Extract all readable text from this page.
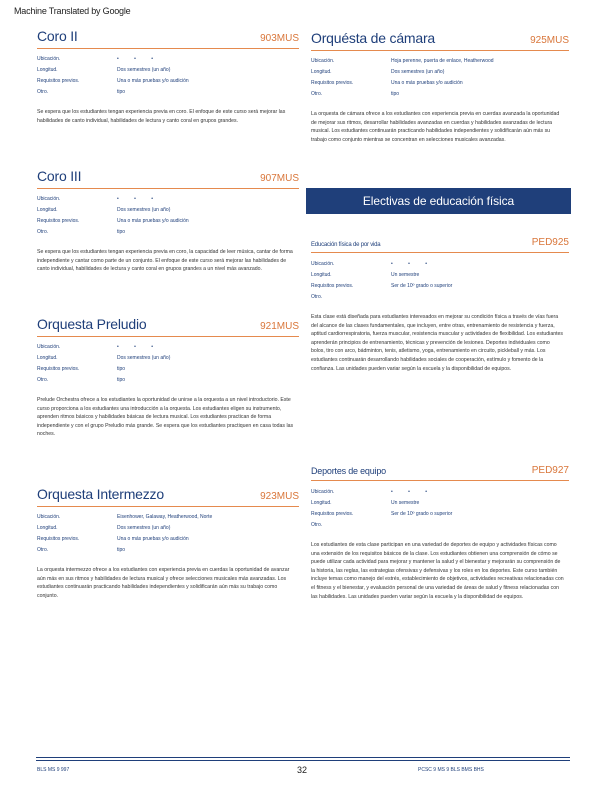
Machine Translated by Google
Coro II	903MUS
Ubicación.	• • •
Longitud.	Dos semestres (un año)
Requisitos previos.	Una o más pruebas y/o audición
Otro.	tipo
Se espera que los estudiantes tengan experiencia previa en coro. El enfoque de este curso será mejorar las habilidades de canto individual, habilidades de lectura y canto coral en grupos grandes.
Coro III	907MUS
Ubicación.	• • •
Longitud.	Dos semestres (un año)
Requisitos previos.	Una o más pruebas y/o audición
Otro.	tipo
Se espera que los estudiantes tengan experiencia previa en coro, la capacidad de leer música, cantar de forma independiente y cantar como parte de un conjunto. El enfoque de este curso será mejorar las habilidades de canto individual, habilidades de lectura y canto coral en grupos grandes a un nivel más avanzado.
Orquesta Preludio	921MUS
Ubicación.	• • •
Longitud.	Dos semestres (un año)
Requisitos previos.	tipo
Otro.	tipo
Prelude Orchestra ofrece a los estudiantes la oportunidad de unirse a la orquesta a un nivel introductorio. Este curso proporciona a los estudiantes una introducción a la orquesta. Los estudiantes eligen su instrumento, aprenden ritmos básicos y habilidades básicas de lectura musical. Los estudiantes practican de forma independiente y con el grupo Preludio más grande. Se espera que los estudiantes practiquen en casa todas las noches.
Orquesta Intermezzo	923MUS
Ubicación.	Eisenhower, Galaway, Heatherwood, Norte
Longitud.	Dos semestres (un año)
Requisitos previos.	Una o más pruebas y/o audición
Otro.	tipo
La orquesta intermezzo ofrece a los estudiantes con experiencia previa en cuerdas la oportunidad de avanzar aún más en sus ritmos y habilidades de lectura musical y ofrece selecciones musicales más avanzadas. Los estudiantes continuarán practicando habilidades independientes y solidificarán aún más su trabajo como conjunto.
Orquésta de cámara	925MUS
Ubicación.	Hoja perenne, puerta de enlace, Heatherwood
Longitud.	Dos semestres (un año)
Requisitos previos.	Una o más pruebas y/o audición
Otro.	tipo
La orquesta de cámara ofrece a los estudiantes con experiencia previa en cuerdas avanzada la oportunidad de mejorar sus ritmos, desarrollar habilidades avanzadas en cuerdas y habilidades avanzadas de lectura musical. Los estudiantes continuarán practicando habilidades independientes y solidificarán aún más su trabajo como conjunto mientras se concentran en selecciones musicales avanzadas.
Electivas de educación física
Educación física de por vida	PED925
Ubicación.	• • •
Longitud.	Un semestre
Requisitos previos.	Ser de 10º grado o superior
Otro.
Esta clase está diseñada para estudiantes interesados en mejorar su condición física a través de vías fuera del alcance de las clases fundamentales, que incluyen, entre otras, entrenamiento de resistencia y fuerza, aptitud cardiorrespiratoria, fuerza muscular, resistencia muscular y actividades de flexibilidad. Los estudiantes aprenderán principios de entrenamiento, técnicas y prevención de lesiones. Deportes individuales como bolos, tiro con arco, bádminton, tenis, atletismo, yoga, entrenamiento en circuito, pickleball y más. Los estudiantes continuarán desarrollando habilidades sociales de cooperación, estímulo y fomento de la confianza. Las unidades pueden variar según la escuela y la disponibilidad de equipos.
Deportes de equipo	PED927
Ubicación.	• • •
Longitud.	Un semestre
Requisitos previos.	Ser de 10º grado o superior
Otro.
Los estudiantes de esta clase participan en una variedad de deportes de equipo y actividades físicas como una extensión de los requisitos básicos de la clase. Los estudiantes obtienen una comprensión de cómo se puede utilizar cada actividad para mejorar y mantener la salud y el bienestar y mejorarán su comprensión de la historia, las reglas, las estrategias ofensivas y defensivas y los roles en los deportes. Este curso también incluye temas como manejo del estrés, establecimiento de objetivos, actividades recreativas relacionadas con el fitness y el bienestar, y evaluación personal de una variedad de áreas de salud y fitness relacionadas con las habilidades. Las unidades pueden variar según la escuela y la disponibilidad de equipos.
BLS MS 9 997	32	PCSC 9 MS 9 BLS BMS BHS
